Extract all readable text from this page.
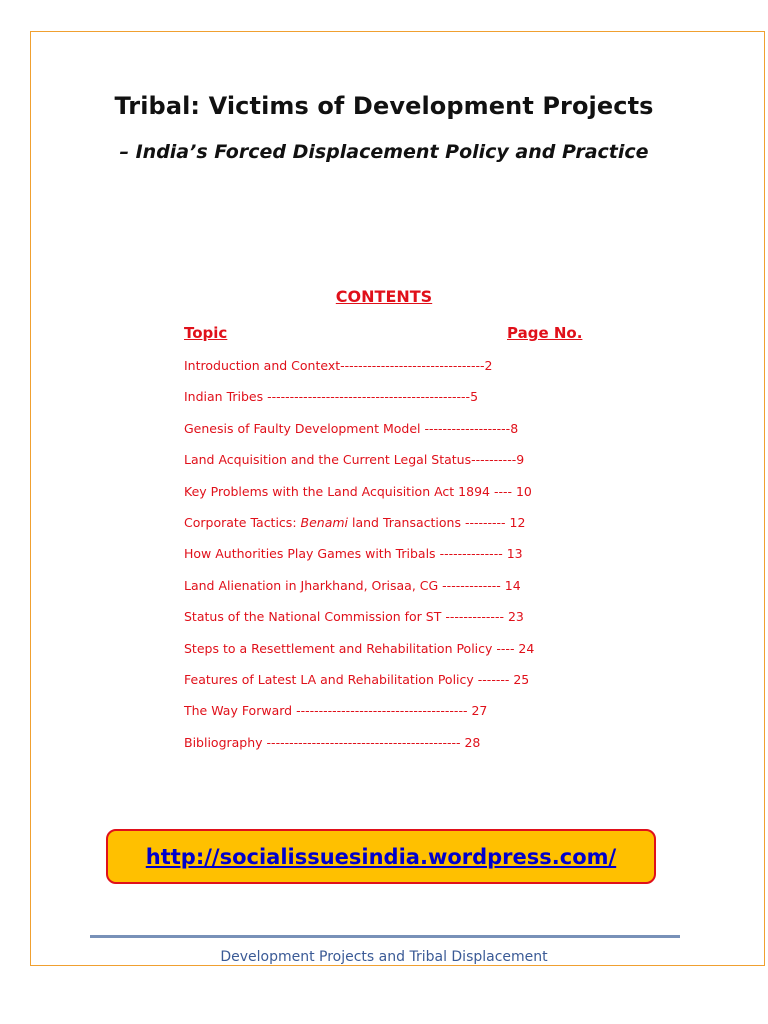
Tribal: Victims of Development Projects
– India’s Forced Displacement Policy and Practice
CONTENTS
Topic	Page No.
Introduction and Context--------------------------------2
Indian Tribes ---------------------------------------------5
Genesis of Faulty Development Model -------------------8
Land Acquisition and the Current Legal Status----------9
Key Problems with the Land Acquisition Act 1894 ---- 10
Corporate Tactics: Benami land Transactions --------- 12
How Authorities Play Games with Tribals -------------- 13
Land Alienation in Jharkhand, Orisaa, CG ------------- 14
Status of the National Commission for ST ------------- 23
Steps to a Resettlement and Rehabilitation Policy ---- 24
Features of Latest LA and Rehabilitation Policy ------- 25
The Way Forward -------------------------------------- 27
Bibliography ------------------------------------------- 28
http://socialissuesindia.wordpress.com/
Development Projects and Tribal Displacement
